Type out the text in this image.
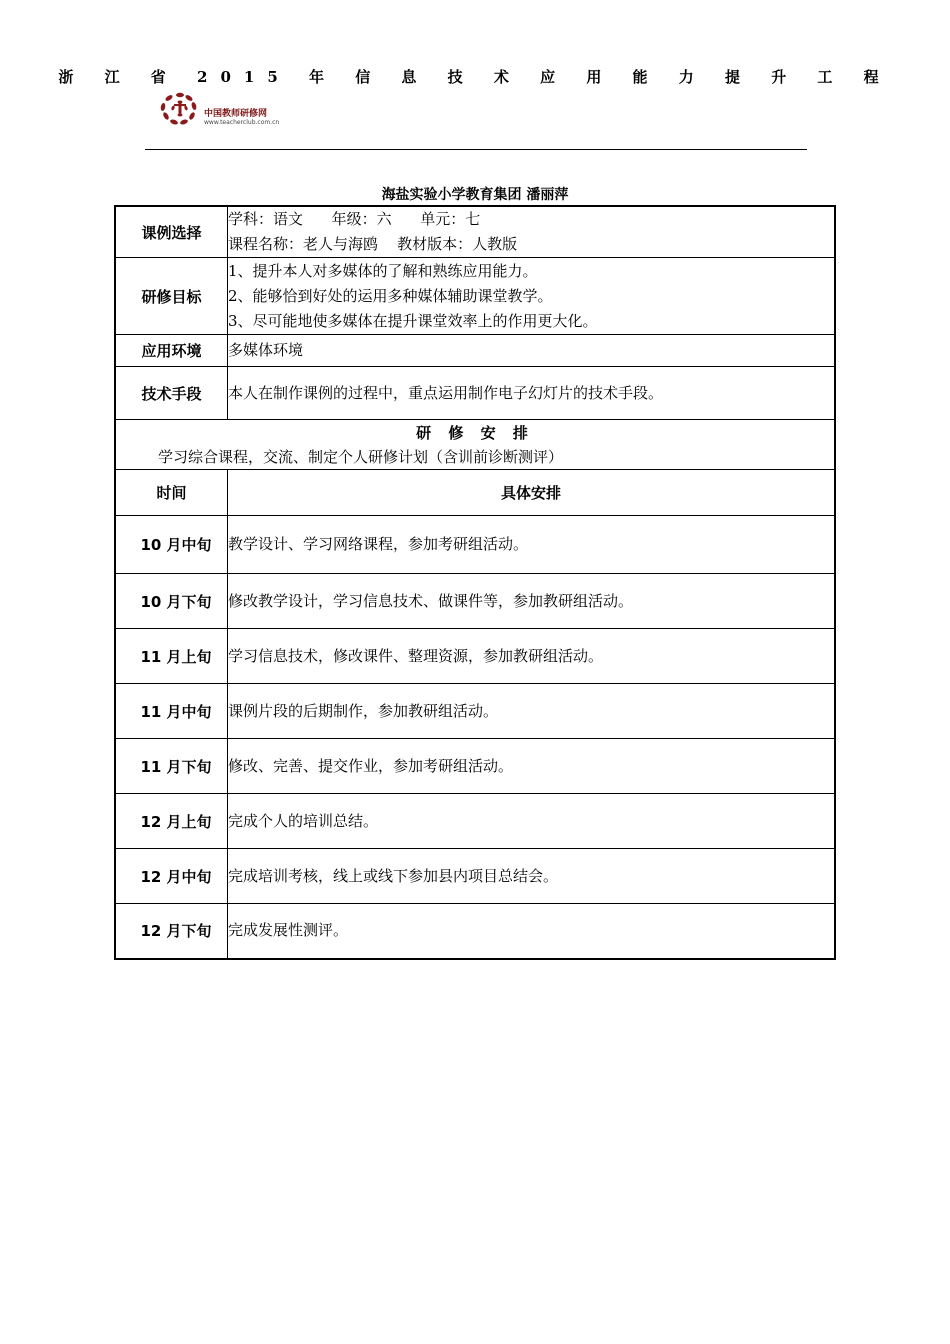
浙 江 省 2015 年 信 息 技 术 应 用 能 力 提 升 工 程
中国教师研修网
www.teacherclub.com.cn
海盐实验小学教育集团 潘丽萍
课例选择	学科：语文      年级：六      单元：七
课程名称：老人与海鸥    教材版本：人教版

研修目标	1、提升本人对多媒体的了解和熟练应用能力。
2、能够恰到好处的运用多种媒体辅助课堂教学。
3、尽可能地使多媒体在提升课堂效率上的作用更大化。

应用环境	多媒体环境
技术手段	本人在制作课例的过程中，重点运用制作电子幻灯片的技术手段。

研 修 安 排
学习综合课程，交流、制定个人研修计划（含训前诊断测评）	

时间	具体安排
10 月中旬	教学设计、学习网络课程，参加考研组活动。
10 月下旬	修改教学设计，学习信息技术、做课件等，参加教研组活动。
11 月上旬	学习信息技术，修改课件、整理资源，参加教研组活动。
11 月中旬	课例片段的后期制作，参加教研组活动。
11 月下旬	修改、完善、提交作业，参加考研组活动。
12 月上旬	完成个人的培训总结。
12 月中旬	完成培训考核，线上或线下参加县内项目总结会。
12 月下旬	完成发展性测评。
